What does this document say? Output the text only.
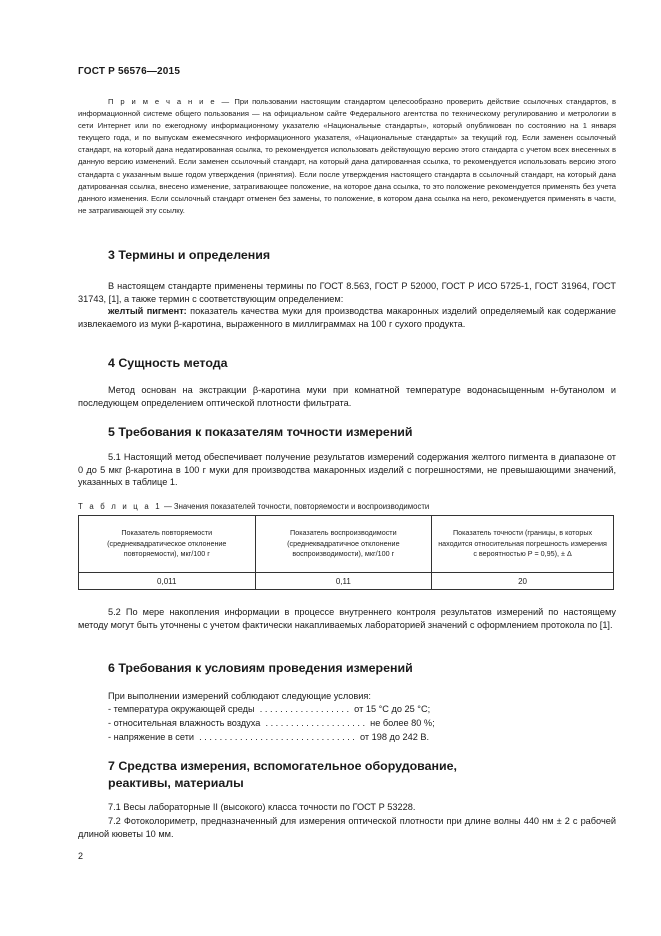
ГОСТ Р 56576—2015
П р и м е ч а н и е — При пользовании настоящим стандартом целесообразно проверить действие ссылочных стандартов, в информационной системе общего пользования — на официальном сайте Федерального агентства по техническому регулированию и метрологии в сети Интернет или по ежегодному информационному указателю «Национальные стандарты», который опубликован по состоянию на 1 января текущего года, и по выпускам ежемесячного информационного указателя, «Национальные стандарты» за текущий год. Если заменен ссылочный стандарт, на который дана недатированная ссылка, то рекомендуется использовать действующую версию этого стандарта с учетом всех внесенных в данную версию изменений. Если заменен ссылочный стандарт, на который дана датированная ссылка, то рекомендуется использовать версию этого стандарта с указанным выше годом утверждения (принятия). Если после утверждения настоящего стандарта в ссылочный стандарт, на который дана датированная ссылка, внесено изменение, затрагивающее положение, на которое дана ссылка, то это положение рекомендуется применять без учета данного изменения. Если ссылочный стандарт отменен без замены, то положение, в котором дана ссылка на него, рекомендуется применять в части, не затрагивающей эту ссылку.
3 Термины и определения
В настоящем стандарте применены термины по ГОСТ 8.563, ГОСТ Р 52000, ГОСТ Р ИСО 5725-1, ГОСТ 31964, ГОСТ 31743, [1], а также термин с соответствующим определением:
желтый пигмент: показатель качества муки для производства макаронных изделий определяемый как содержание извлекаемого из муки β-каротина, выраженного в миллиграммах на 100 г сухого продукта.
4 Сущность метода
Метод основан на экстракции β-каротина муки при комнатной температуре водонасыщенным н-бутанолом и последующем определением оптической плотности фильтрата.
5 Требования к показателям точности измерений
5.1 Настоящий метод обеспечивает получение результатов измерений содержания желтого пигмента в диапазоне от 0 до 5 мкг β-каротина в 100 г муки для производства макаронных изделий с погрешностями, не превышающими значений, указанных в таблице 1.
Т а б л и ц а 1 — Значения показателей точности, повторяемости и воспроизводимости
Показатель повторяемости (среднеквадратическое отклонение повторяемости), мкг/100 г	Показатель воспроизводимости (среднеквадратичное отклонение воспроизводимости), мкг/100 г	Показатель точности (границы, в которых находится относительная погрешность измерения с вероятностью P = 0,95), ± Δ
0,011	0,11	20
5.2 По мере накопления информации в процессе внутреннего контроля результатов измерений по настоящему методу могут быть уточнены с учетом фактически накапливаемых лабораторией значений с оформлением протокола по [1].
6 Требования к условиям проведения измерений
При выполнении измерений соблюдают следующие условия:
- температура окружающей среды  . . . . . . . . . . . . . . . . . .  от 15 °С до 25 °С;
- относительная влажность воздуха  . . . . . . . . . . . . . . . . . . . .  не более 80 %;
- напряжение в сети  . . . . . . . . . . . . . . . . . . . . . . . . . . . . . . .  от 198 до 242 В.
7 Средства измерения, вспомогательное оборудование,
реактивы, материалы
7.1 Весы лабораторные II (высокого) класса точности по ГОСТ Р 53228.
7.2 Фотоколориметр, предназначенный для измерения оптической плотности при длине волны 440 нм ± 2 с рабочей длиной кюветы 10 мм.
2
